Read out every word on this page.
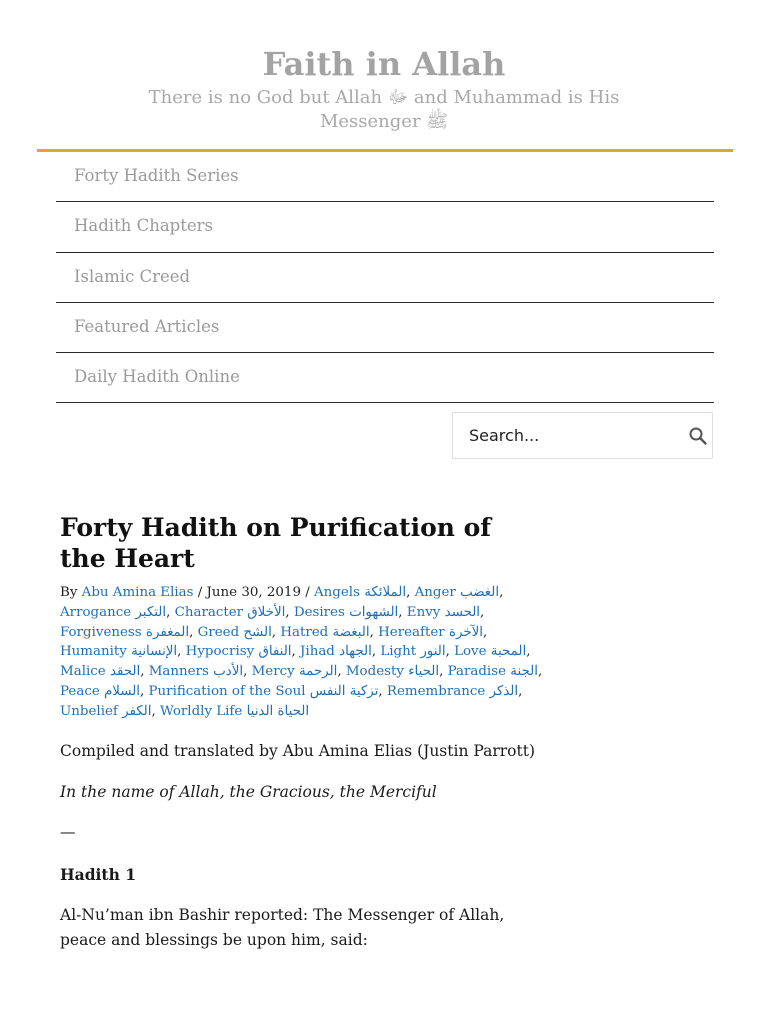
Faith in Allah
There is no God but Allah ﷻ and Muhammad is His Messenger ﷺ
Forty Hadith Series
Hadith Chapters
Islamic Creed
Featured Articles
Daily Hadith Online
Search...
Forty Hadith on Purification of the Heart
By Abu Amina Elias / June 30, 2019 / Angels الملائكة, Anger الغضب, Arrogance التكبر, Character الأخلاق, Desires الشهوات, Envy الحسد, Forgiveness المغفرة, Greed الشح, Hatred البغضة, Hereafter الآخرة, Humanity الإنسانية, Hypocrisy النفاق, Jihad الجهاد, Light النور, Love المحبة, Malice الحقد, Manners الأدب, Mercy الرحمة, Modesty الحياء, Paradise الجنة, Peace السلام, Purification of the Soul تزكية النفس, Remembrance الذكر, Unbelief الكفر, Worldly Life الحياة الدنيا

Compiled and translated by Abu Amina Elias (Justin Parrott)

In the name of Allah, the Gracious, the Merciful

—

Hadith 1

Al-Nu’man ibn Bashir reported: The Messenger of Allah, peace and blessings be upon him, said:
